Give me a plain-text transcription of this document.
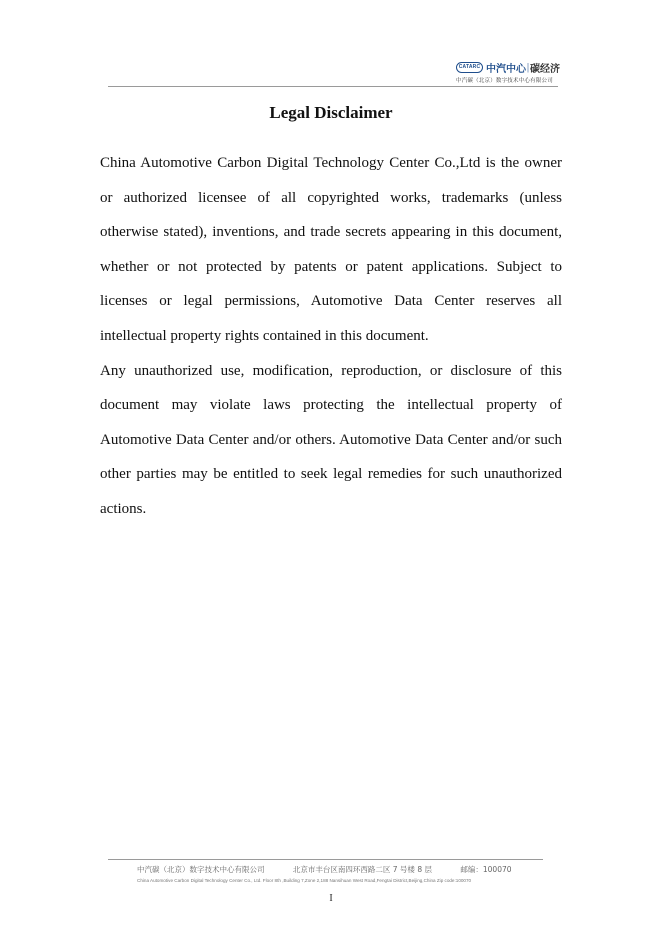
CATARC 中汽中心 | 碳经济
中汽碳（北京）数字技术中心有限公司
Legal Disclaimer

China Automotive Carbon Digital Technology Center Co.,Ltd is the owner or authorized licensee of all copyrighted works, trademarks (unless otherwise stated), inventions, and trade secrets appearing in this document, whether or not protected by patents or patent applications. Subject to licenses or legal permissions, Automotive Data Center reserves all intellectual property rights contained in this document.

Any unauthorized use, modification, reproduction, or disclosure of this document may violate laws protecting the intellectual property of Automotive Data Center and/or others. Automotive Data Center and/or such other parties may be entitled to seek legal remedies for such unauthorized actions.

中汽碳（北京）数字技术中心有限公司	北京市丰台区南四环西路二区 7 号楼 8 层	邮编：100070
China Automotive Carbon Digital Technology Center Co., Ltd. Floor 8th ,Building 7,Zone 2,188 Nansihuan West Road,Fengtai District,Beijing,China Zip code:100070
I
